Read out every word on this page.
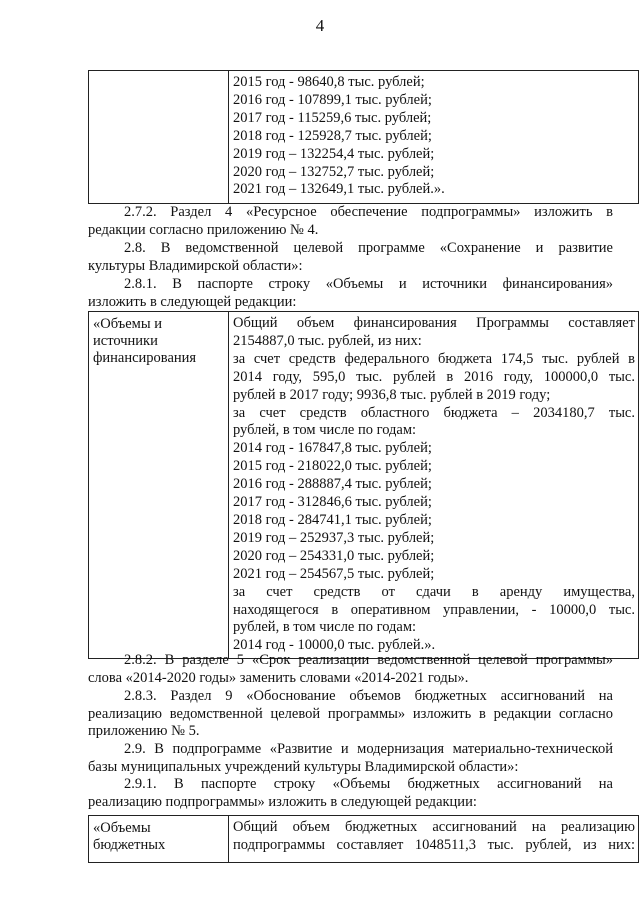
4

2015 год - 98640,8 тыс. рублей;
2016 год - 107899,1 тыс. рублей;
2017 год - 115259,6 тыс. рублей;
2018 год - 125928,7 тыс. рублей;
2019 год – 132254,4 тыс. рублей;
2020 год – 132752,7 тыс. рублей;
2021 год – 132649,1 тыс. рублей.».
2.7.2. Раздел 4 «Ресурсное обеспечение подпрограммы» изложить в
редакции согласно приложению № 4.
2.8. В ведомственной целевой программе «Сохранение и развитие
культуры Владимирской области»:
2.8.1. В паспорте строку «Объемы и источники финансирования»
изложить в следующей редакции:
«Объемы и
источники
финансирования

Общий объем финансирования Программы составляет
2154887,0 тыс. рублей, из них:
за счет средств федерального бюджета 174,5 тыс. рублей в
2014 году, 595,0 тыс. рублей в 2016 году, 100000,0 тыс.
рублей в 2017 году; 9936,8 тыс. рублей в 2019 году;
за счет средств областного бюджета – 2034180,7 тыс.
рублей, в том числе по годам:
2014 год - 167847,8 тыс. рублей;
2015 год - 218022,0 тыс. рублей;
2016 год - 288887,4 тыс. рублей;
2017 год - 312846,6 тыс. рублей;
2018 год - 284741,1 тыс. рублей;
2019 год – 252937,3 тыс. рублей;
2020 год – 254331,0 тыс. рублей;
2021 год – 254567,5 тыс. рублей;
за счет средств от сдачи в аренду имущества,
находящегося в оперативном управлении, - 10000,0 тыс.
рублей, в том числе по годам:
2014 год - 10000,0 тыс. рублей.».
2.8.2. В разделе 5 «Срок реализации ведомственной целевой программы»
слова «2014-2020 годы» заменить словами «2014-2021 годы».
2.8.3. Раздел 9 «Обоснование объемов бюджетных ассигнований на
реализацию ведомственной целевой программы» изложить в редакции согласно
приложению № 5.
2.9. В подпрограмме «Развитие и модернизация материально-технической
базы муниципальных учреждений культуры Владимирской области»:
2.9.1. В паспорте строку «Объемы бюджетных ассигнований на
реализацию подпрограммы» изложить в следующей редакции:
«Объемы
бюджетных

Общий объем бюджетных ассигнований на реализацию
подпрограммы составляет 1048511,3 тыс. рублей, из них:
